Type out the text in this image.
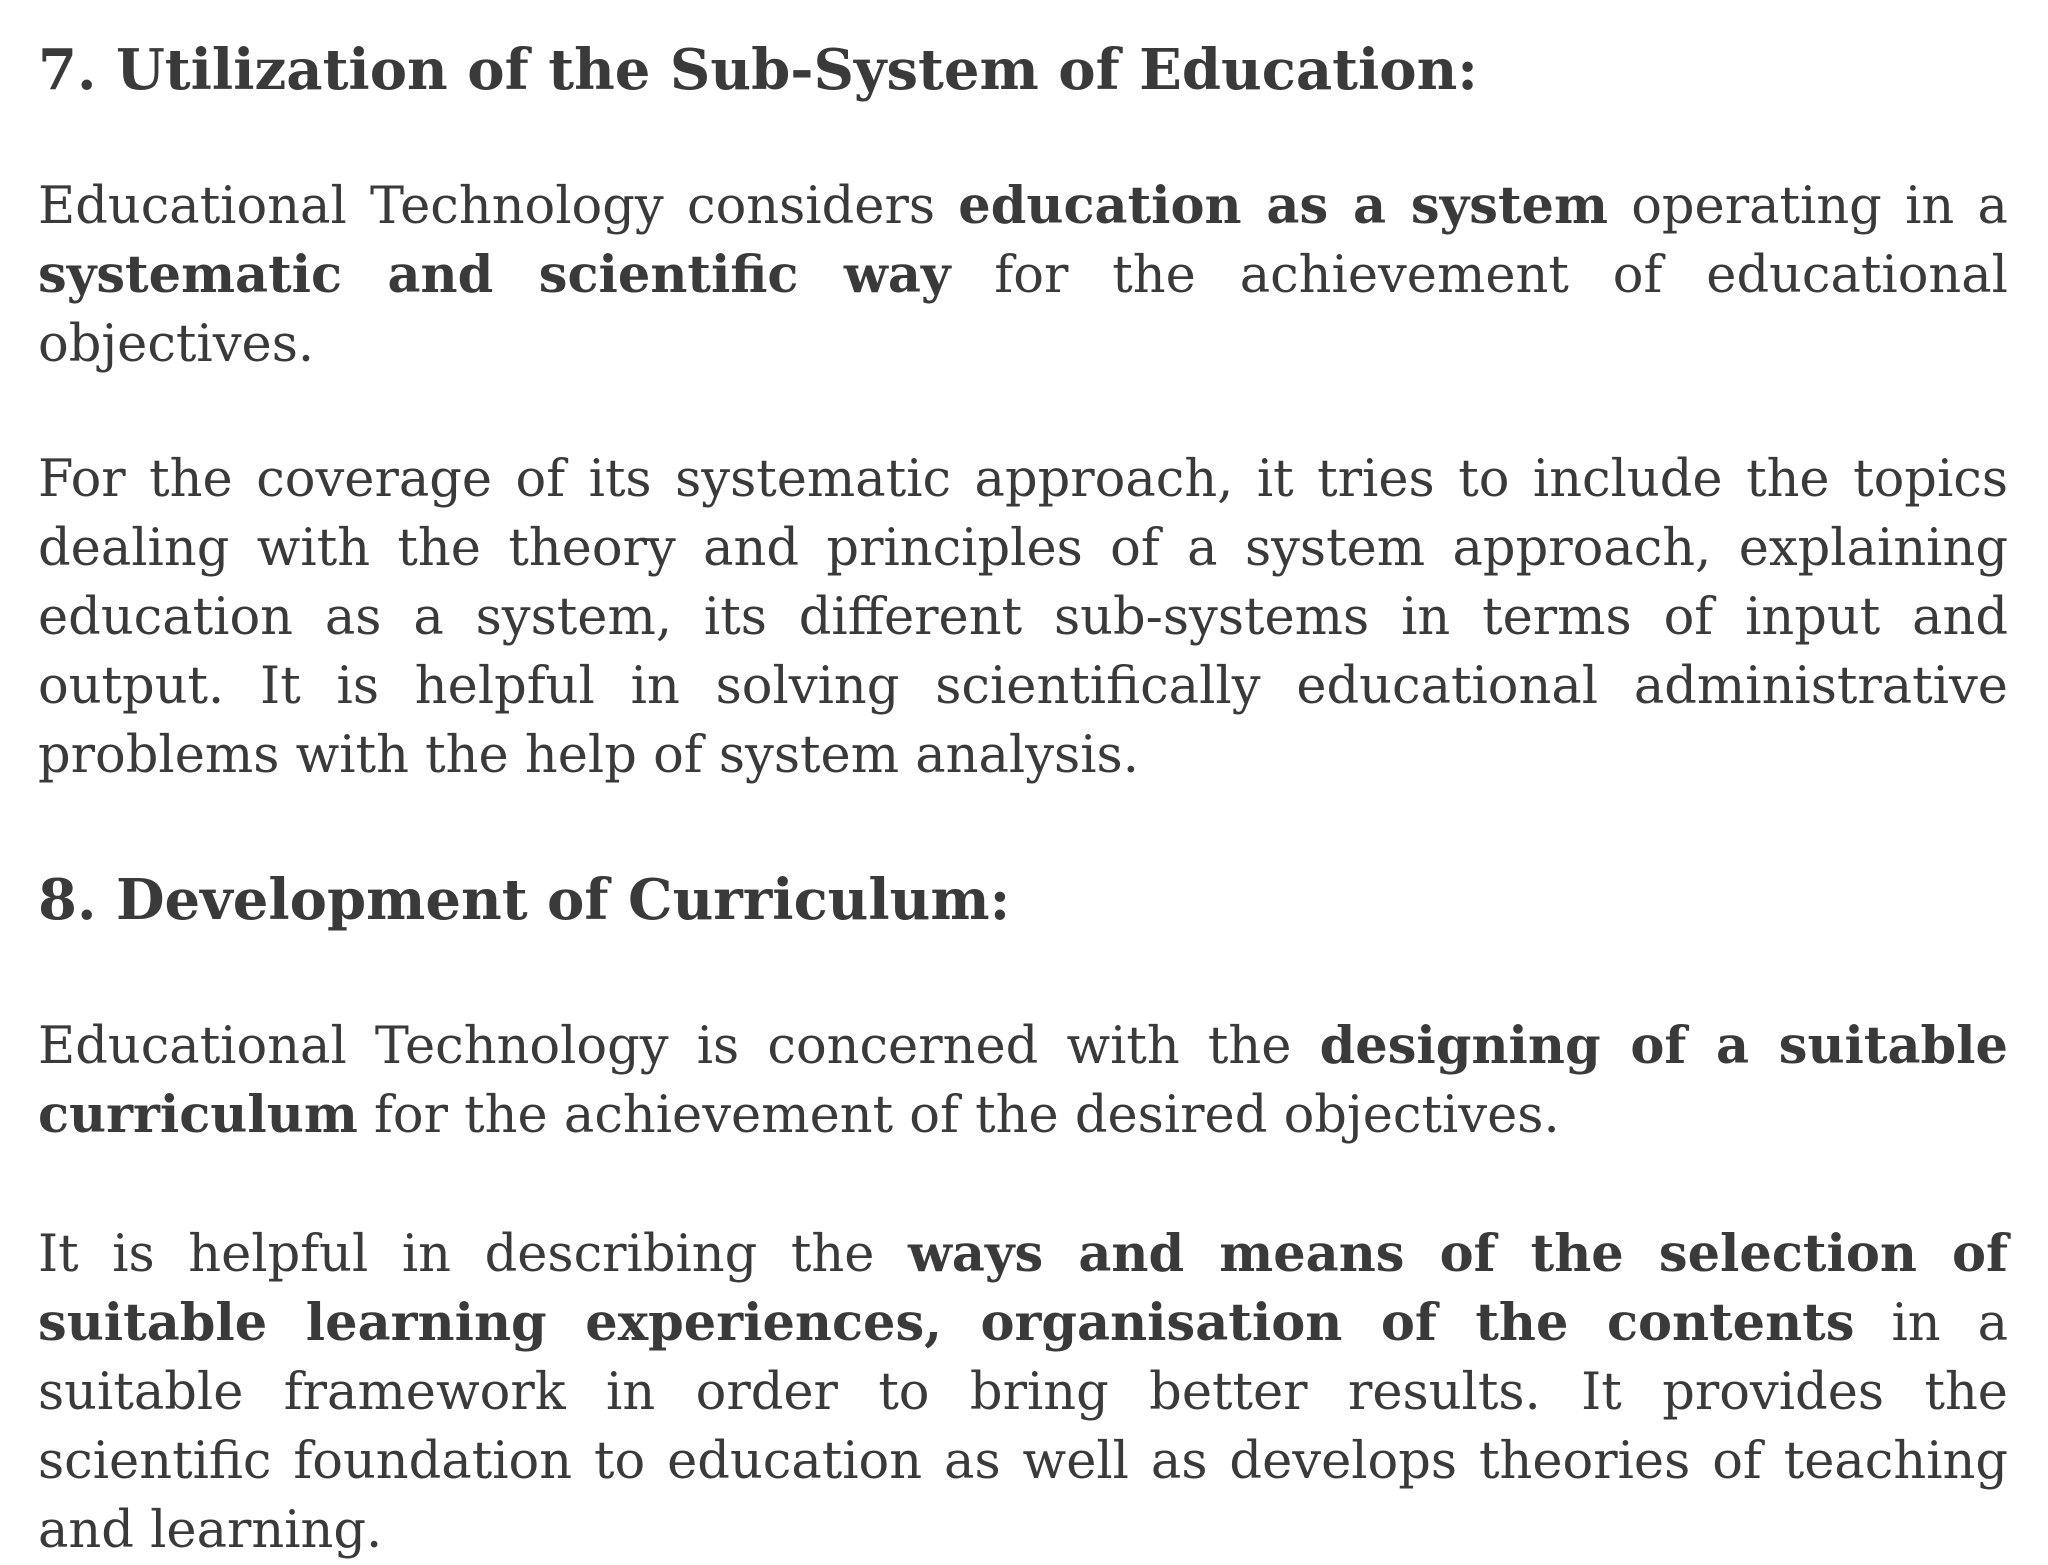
7. Utilization of the Sub-System of Education:

Educational Technology considers education as a system operating in a systematic and scientific way for the achievement of educational objectives.

For the coverage of its systematic approach, it tries to include the topics dealing with the theory and principles of a system approach, explaining education as a system, its different sub-systems in terms of input and output. It is helpful in solving scientifically educational administrative problems with the help of system analysis.

8. Development of Curriculum:

Educational Technology is concerned with the designing of a suitable curriculum for the achievement of the desired objectives.

It is helpful in describing the ways and means of the selection of suitable learning experiences, organisation of the contents in a suitable framework in order to bring better results. It provides the scientific foundation to education as well as develops theories of teaching and learning.
